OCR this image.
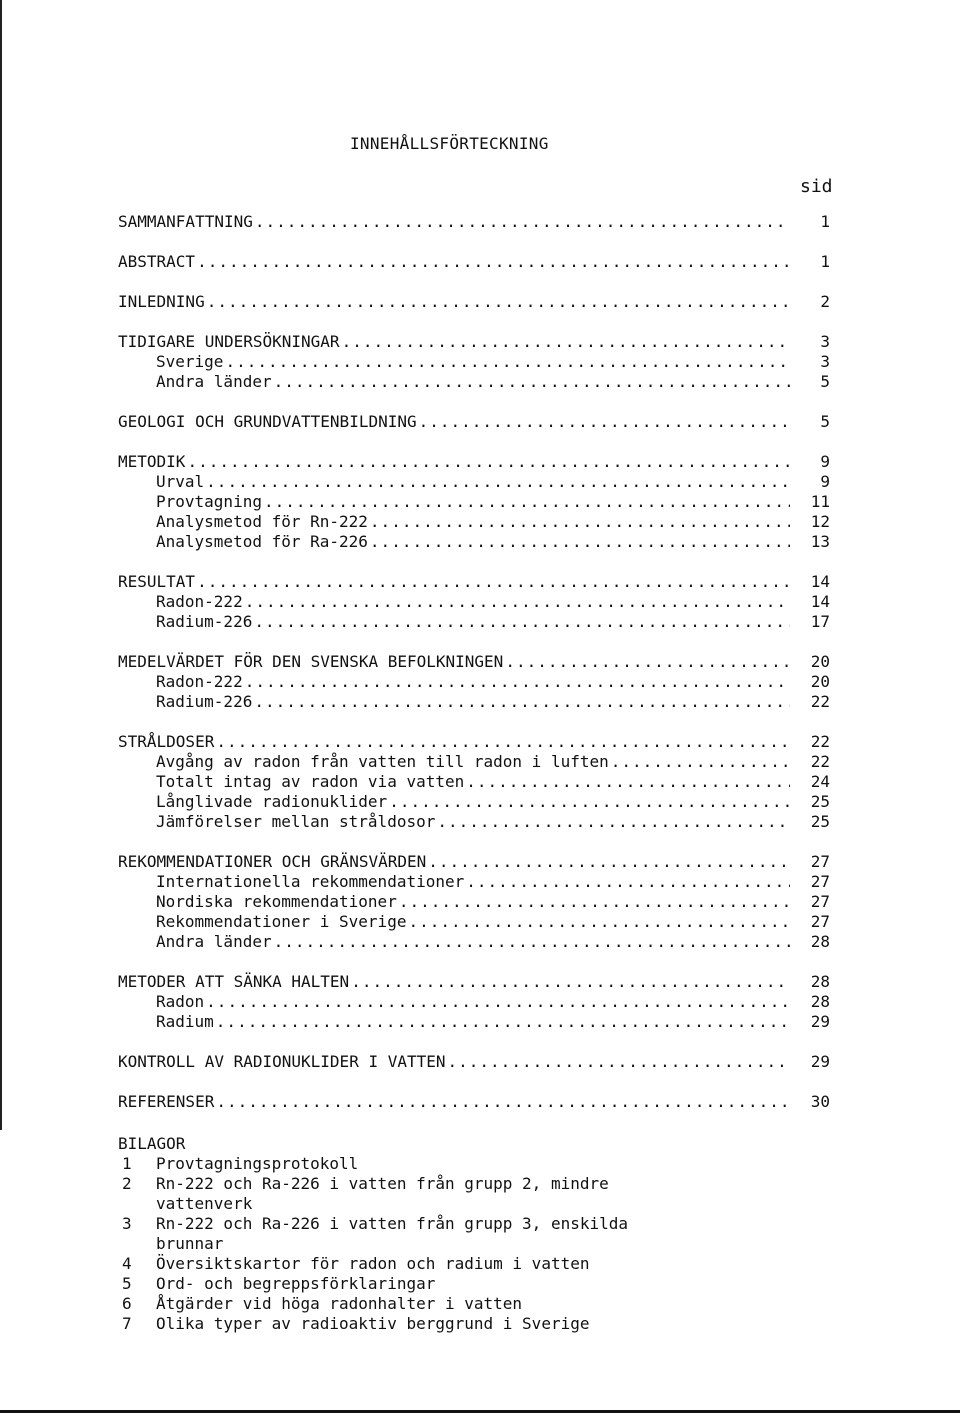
INNEHÅLLSFÖRTECKNING
sid
SAMMANFATTNING .....	1
ABSTRACT .....	1
INLEDNING .....	2
TIDIGARE UNDERSÖKNINGAR .....	3
Sverige .....	3
Andra länder .....	5
GEOLOGI OCH GRUNDVATTENBILDNING .....	5
METODIK .....	9
Urval .....	9
Provtagning .....	11
Analysmetod för Rn-222 .....	12
Analysmetod för Ra-226 .....	13
RESULTAT .....	14
Radon-222 .....	14
Radium-226 .....	17
MEDELVÄRDET FÖR DEN SVENSKA BEFOLKNINGEN .....	20
Radon-222 .....	20
Radium-226 .....	22
STRÅLDOSER .....	22
Avgång av radon från vatten till radon i luften .....	22
Totalt intag av radon via vatten .....	24
Långlivade radionuklider .....	25
Jämförelser mellan stråldosor .....	25
REKOMMENDATIONER OCH GRÄNSVÄRDEN .....	27
Internationella rekommendationer .....	27
Nordiska rekommendationer .....	27
Rekommendationer i Sverige .....	27
Andra länder .....	28
METODER ATT SÄNKA HALTEN .....	28
Radon .....	28
Radium .....	29
KONTROLL AV RADIONUKLIDER I VATTEN .....	29
REFERENSER .....	30
BILAGOR
1	Provtagningsprotokoll
2	Rn-222 och Ra-226 i vatten från grupp 2, mindre
vattenverk
3	Rn-222 och Ra-226 i vatten från grupp 3, enskilda
brunnar
4	Översiktskartor för radon och radium i vatten
5	Ord- och begreppsförklaringar
6	Åtgärder vid höga radonhalter i vatten
7	Olika typer av radioaktiv berggrund i Sverige
